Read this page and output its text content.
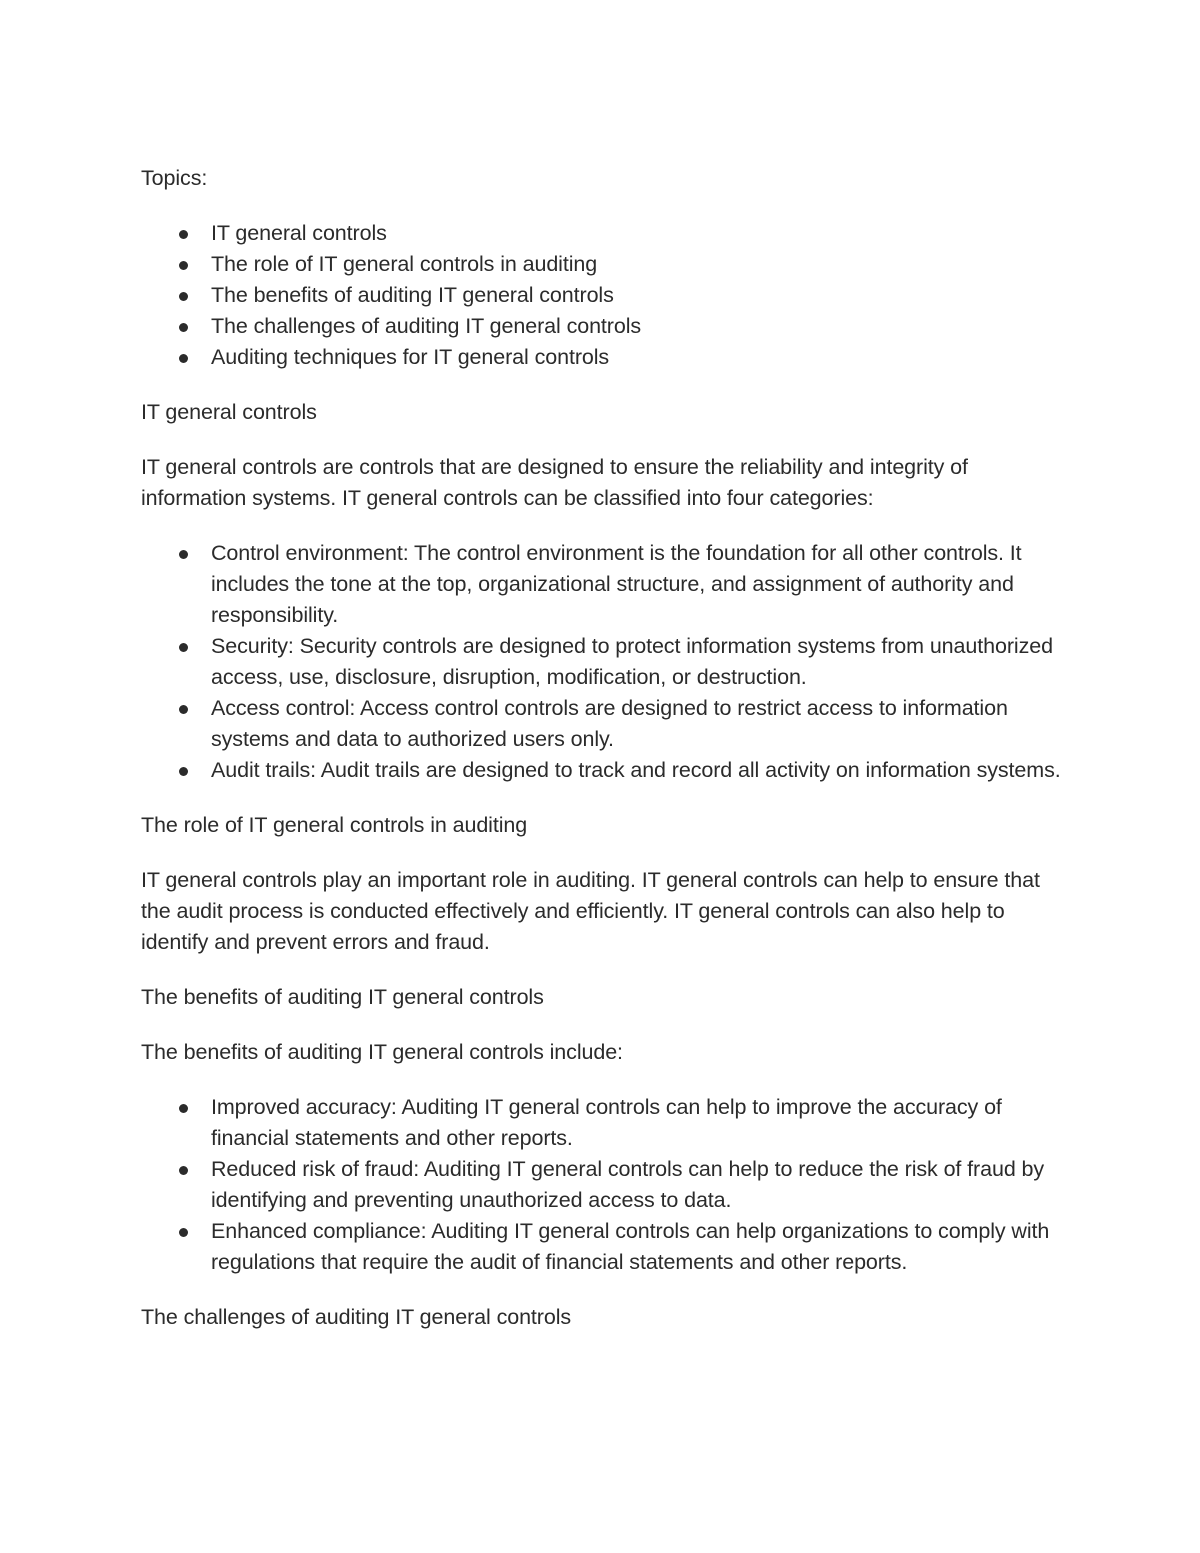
Topics:

IT general controls
The role of IT general controls in auditing
The benefits of auditing IT general controls
The challenges of auditing IT general controls
Auditing techniques for IT general controls

IT general controls

IT general controls are controls that are designed to ensure the reliability and integrity of information systems. IT general controls can be classified into four categories:

Control environment: The control environment is the foundation for all other controls. It includes the tone at the top, organizational structure, and assignment of authority and responsibility.
Security: Security controls are designed to protect information systems from unauthorized access, use, disclosure, disruption, modification, or destruction.
Access control: Access control controls are designed to restrict access to information systems and data to authorized users only.
Audit trails: Audit trails are designed to track and record all activity on information systems.

The role of IT general controls in auditing

IT general controls play an important role in auditing. IT general controls can help to ensure that the audit process is conducted effectively and efficiently. IT general controls can also help to identify and prevent errors and fraud.

The benefits of auditing IT general controls

The benefits of auditing IT general controls include:

Improved accuracy: Auditing IT general controls can help to improve the accuracy of financial statements and other reports.
Reduced risk of fraud: Auditing IT general controls can help to reduce the risk of fraud by identifying and preventing unauthorized access to data.
Enhanced compliance: Auditing IT general controls can help organizations to comply with regulations that require the audit of financial statements and other reports.

The challenges of auditing IT general controls
